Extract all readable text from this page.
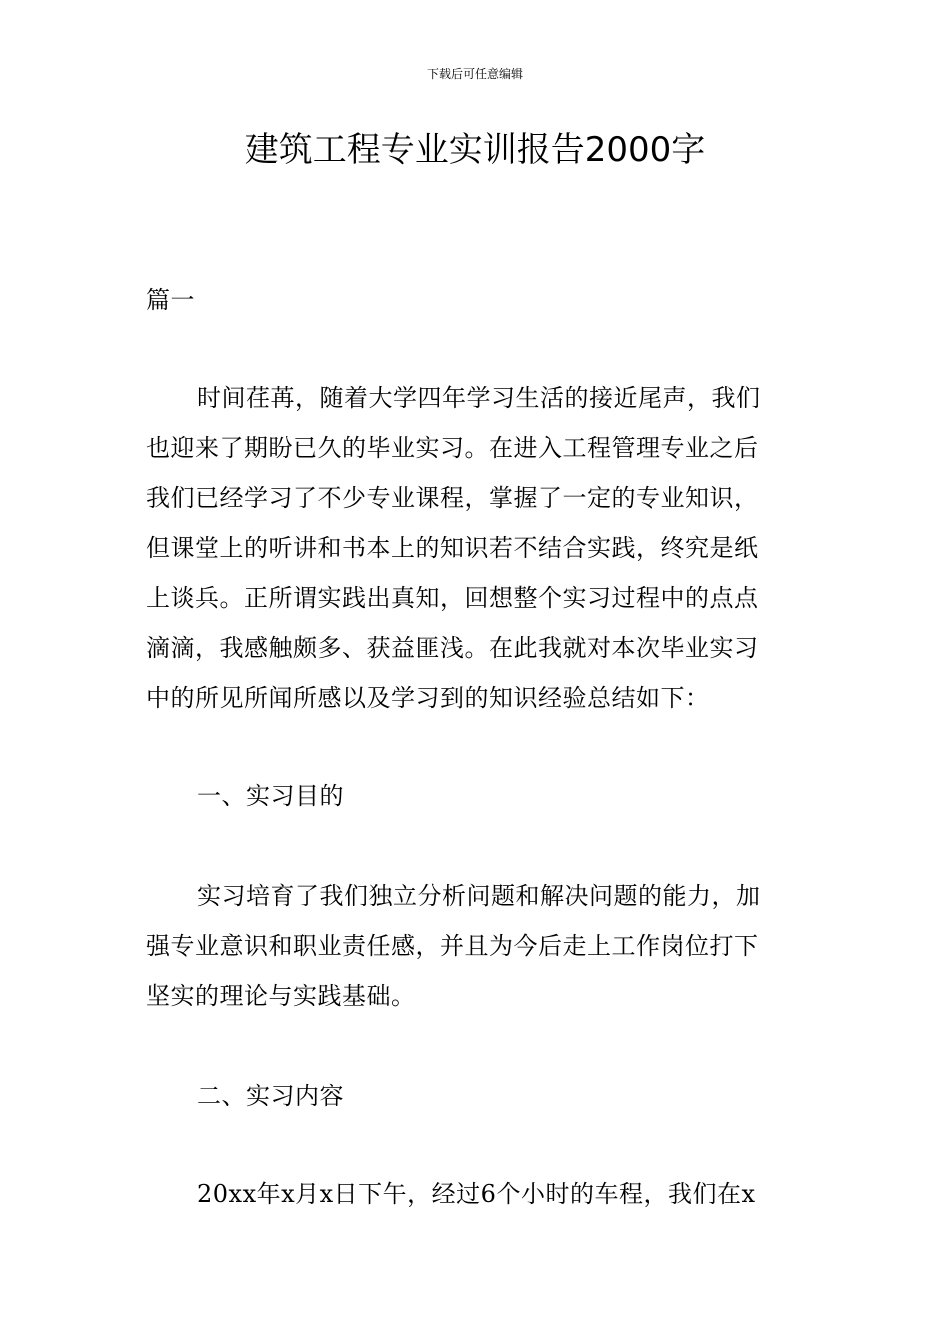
下载后可任意编辑
建筑工程专业实训报告2000字
篇一
时间荏苒，随着大学四年学习生活的接近尾声，我们
也迎来了期盼已久的毕业实习。在进入工程管理专业之后
我们已经学习了不少专业课程，掌握了一定的专业知识，
但课堂上的听讲和书本上的知识若不结合实践，终究是纸
上谈兵。正所谓实践出真知，回想整个实习过程中的点点
滴滴，我感触颇多、获益匪浅。在此我就对本次毕业实习
中的所见所闻所感以及学习到的知识经验总结如下：
一、实习目的
实习培育了我们独立分析问题和解决问题的能力，加
强专业意识和职业责任感，并且为今后走上工作岗位打下
坚实的理论与实践基础。
二、实习内容
20xx年x月x日下午，经过6个小时的车程，我们在x
